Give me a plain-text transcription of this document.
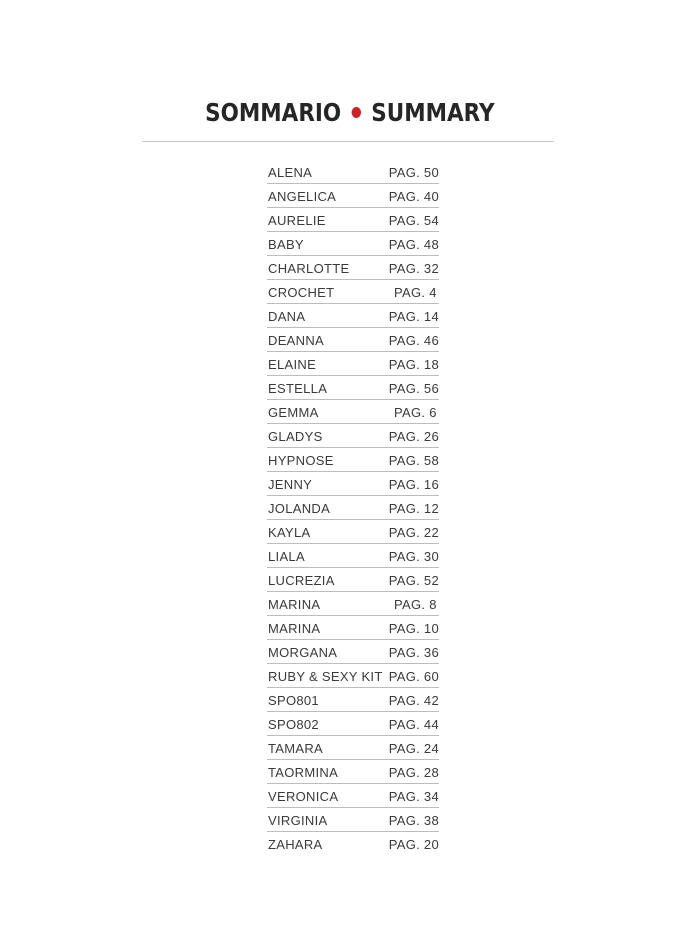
SOMMARIO SUMMARY
ALENA	PAG. 50
ANGELICA	PAG. 40
AURELIE	PAG. 54
BABY	PAG. 48
CHARLOTTE	PAG. 32
CROCHET	PAG. 4
DANA	PAG. 14
DEANNA	PAG. 46
ELAINE	PAG. 18
ESTELLA	PAG. 56
GEMMA	PAG. 6
GLADYS	PAG. 26
HYPNOSE	PAG. 58
JENNY	PAG. 16
JOLANDA	PAG. 12
KAYLA	PAG. 22
LIALA	PAG. 30
LUCREZIA	PAG. 52
MARINA	PAG. 8
MARINA	PAG. 10
MORGANA	PAG. 36
RUBY & SEXY KIT PAG. 60
SPO801	PAG. 42
SPO802	PAG. 44
TAMARA	PAG. 24
TAORMINA	PAG. 28
VERONICA	PAG. 34
VIRGINIA	PAG. 38
ZAHARA	PAG. 20
